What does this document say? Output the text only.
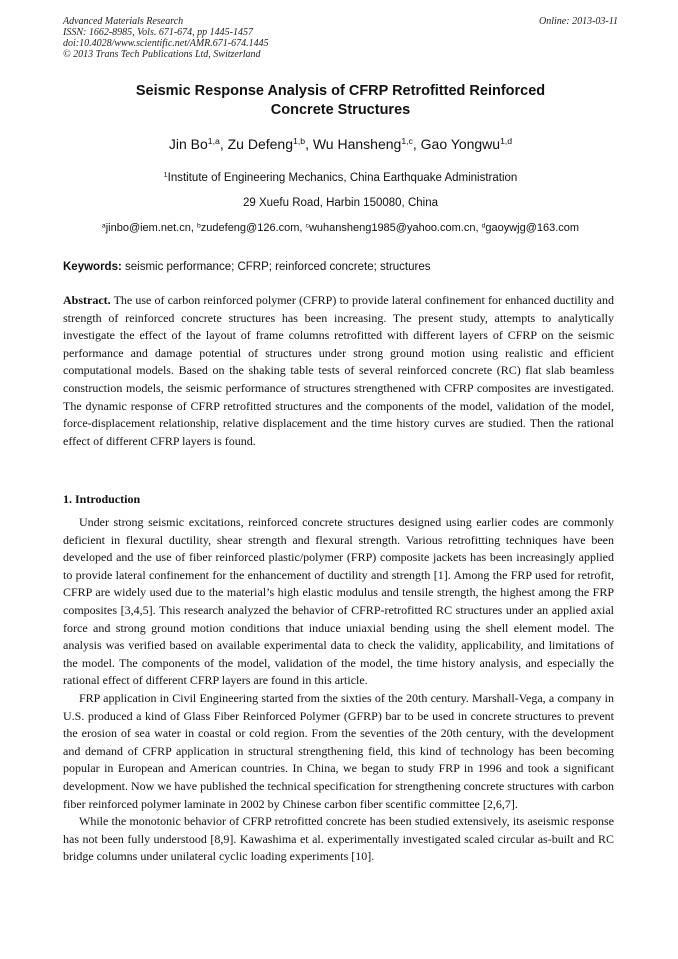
Advanced Materials Research
ISSN: 1662-8985, Vols. 671-674, pp 1445-1457
doi:10.4028/www.scientific.net/AMR.671-674.1445
© 2013 Trans Tech Publications Ltd, Switzerland
Online: 2013-03-11
Seismic Response Analysis of CFRP Retrofitted Reinforced
Concrete Structures
Jin Bo$^{1,a}$, Zu Defeng$^{1,b}$, Wu Hansheng$^{1,c}$, Gao Yongwu$^{1,d}$
$^1$Institute of Engineering Mechanics, China Earthquake Administration
29 Xuefu Road, Harbin 150080, China
$^a$jinbo@iem.net.cn, $^b$zudefeng@126.com, $^c$wuhansheng1985@yahoo.com.cn, $^d$gaoywjg@163.com
Keywords: seismic performance; CFRP; reinforced concrete; structures
Abstract. The use of carbon reinforced polymer (CFRP) to provide lateral confinement for enhanced ductility and strength of reinforced concrete structures has been increasing. The present study, attempts to analytically investigate the effect of the layout of frame columns retrofitted with different layers of CFRP on the seismic performance and damage potential of structures under strong ground motion using realistic and efficient computational models. Based on the shaking table tests of several reinforced concrete (RC) flat slab beamless construction models, the seismic performance of structures strengthened with CFRP composites are investigated. The dynamic response of CFRP retrofitted structures and the components of the model, validation of the model, force-displacement relationship, relative displacement and the time history curves are studied. Then the rational effect of different CFRP layers is found.
1. Introduction

Under strong seismic excitations, reinforced concrete structures designed using earlier codes are commonly deficient in flexural ductility, shear strength and flexural strength. Various retrofitting techniques have been developed and the use of fiber reinforced plastic/polymer (FRP) composite jackets has been increasingly applied to provide lateral confinement for the enhancement of ductility and strength [1]. Among the FRP used for retrofit, CFRP are widely used due to the material’s high elastic modulus and tensile strength, the highest among the FRP composites [3,4,5]. This research analyzed the behavior of CFRP-retrofitted RC structures under an applied axial force and strong ground motion conditions that induce uniaxial bending using the shell element model. The analysis was verified based on available experimental data to check the validity, applicability, and limitations of the model. The components of the model, validation of the model, the time history analysis, and especially the rational effect of different CFRP layers are found in this article.

FRP application in Civil Engineering started from the sixties of the 20th century. Marshall-Vega, a company in U.S. produced a kind of Glass Fiber Reinforced Polymer (GFRP) bar to be used in concrete structures to prevent the erosion of sea water in coastal or cold region. From the seventies of the 20th century, with the development and demand of CFRP application in structural strengthening field, this kind of technology has been becoming popular in European and American countries. In China, we began to study FRP in 1996 and took a significant development. Now we have published the technical specification for strengthening concrete structures with carbon fiber reinforced polymer laminate in 2002 by Chinese carbon fiber scentific committee [2,6,7].

While the monotonic behavior of CFRP retrofitted concrete has been studied extensively, its aseismic response has not been fully understood [8,9]. Kawashima et al. experimentally investigated scaled circular as-built and RC bridge columns under unilateral cyclic loading experiments [10].
